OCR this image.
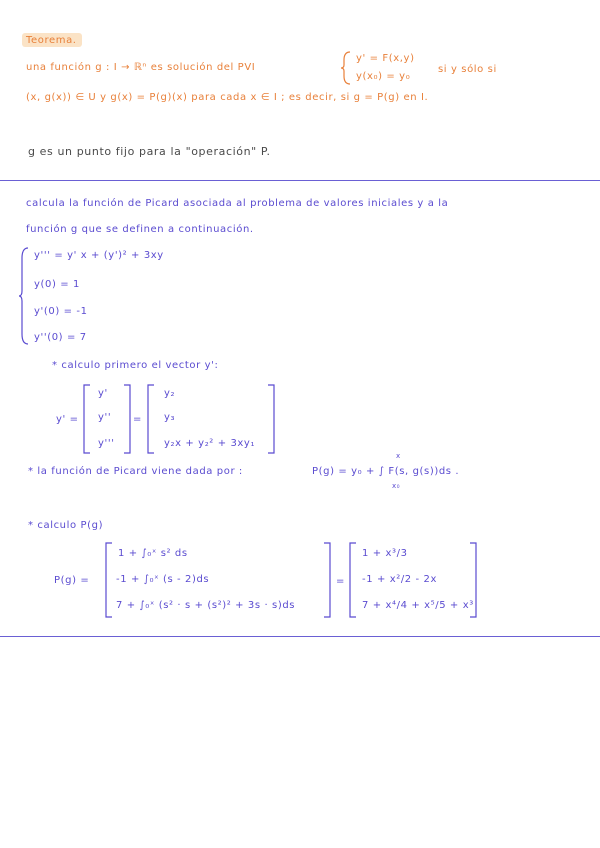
Teorema.
una función g : I → ℝⁿ es solución del PVI
y' = F(x,y)
y(x₀) = y₀
si y sólo si
(x, g(x)) ∈ U y g(x) = P(g)(x) para cada x ∈ I ; es decir, si g = P(g) en I.
g es un punto fijo para la "operación" P.
calcula la función de Picard asociada al problema de valores iniciales y a la
función g que se definen a continuación.
y''' = y' x + (y')² + 3xy
y(0) = 1
y'(0) = -1
y''(0) = 7
* calculo primero el vector y':
y' =
y'
y''
y'''
=
y₂
y₃
y₂x + y₂² + 3xy₁
* la función de Picard viene dada por :	P(g) = y₀ + ∫ F(s, g(s))ds .
x
x₀
* calculo P(g)
P(g) =
1 + ∫₀ˣ s² ds
-1 + ∫₀ˣ (s - 2)ds
7 + ∫₀ˣ (s² · s + (s²)² + 3s · s)ds
=
1 + x³/3
-1 + x²/2 - 2x
7 + x⁴/4 + x⁵/5 + x³
